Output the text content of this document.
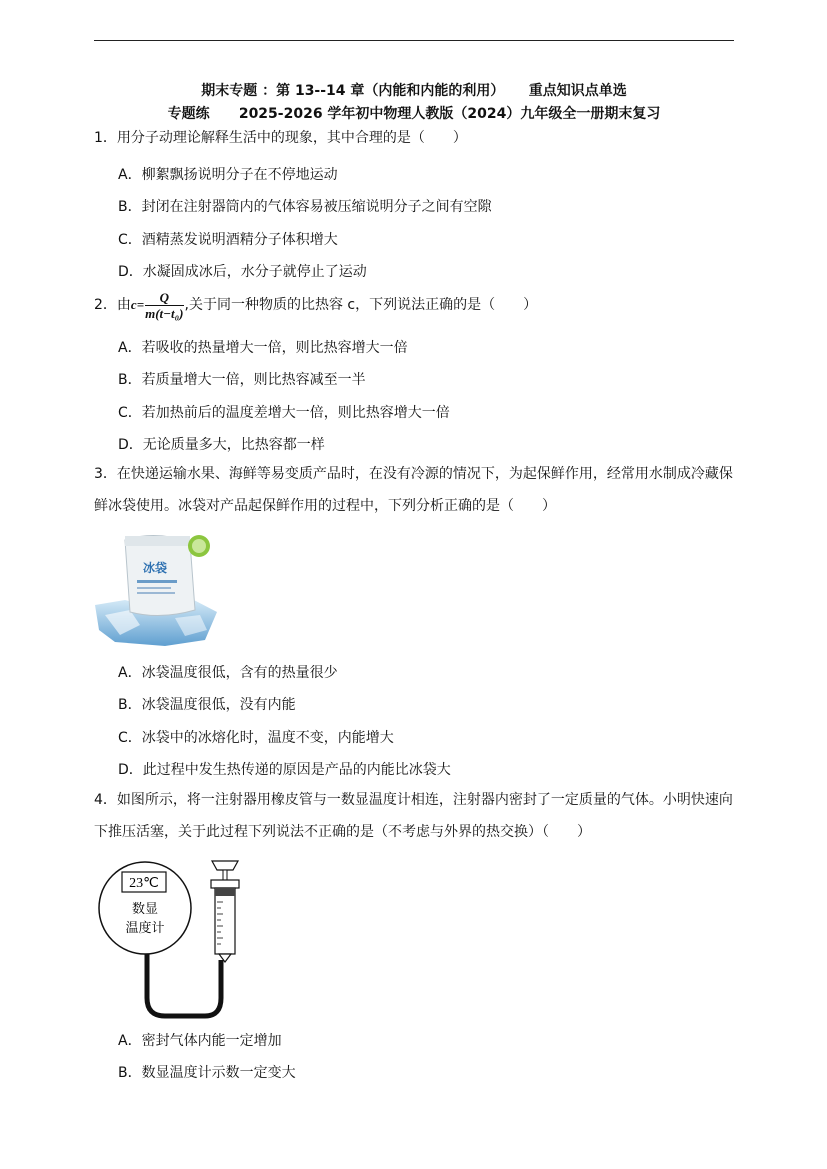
期末专题 ：第 13--14 章（内能和内能的利用）     重点知识点单选
专题练      2025-2026 学年初中物理人教版（2024）九年级全一册期末复习
1．用分子动理论解释生活中的现象，其中合理的是（　　）
A．柳絮飘扬说明分子在不停地运动
B．封闭在注射器筒内的气体容易被压缩说明分子之间有空隙
C．酒精蒸发说明酒精分子体积增大
D．水凝固成冰后，水分子就停止了运动
2．由$c= \frac{Q}{\text{m(t−t₀)}}$ ,关于同一种物质的比热容 c，下列说法正确的是（　　）
A．若吸收的热量增大一倍，则比热容增大一倍
B．若质量增大一倍，则比热容减至一半
C．若加热前后的温度差增大一倍，则比热容增大一倍
D．无论质量多大，比热容都一样
3．在快递运输水果、海鲜等易变质产品时，在没有冷源的情况下，为起保鲜作用，经常用水制成冷藏保鲜冰袋使用。冰袋对产品起保鲜作用的过程中，下列分析正确的是（　　）
冰袋
A．冰袋温度很低，含有的热量很少
B．冰袋温度很低，没有内能
C．冰袋中的冰熔化时，温度不变，内能增大
D．此过程中发生热传递的原因是产品的内能比冰袋大
4．如图所示，将一注射器用橡皮管与一数显温度计相连，注射器内密封了一定质量的气体。小明快速向下推压活塞，关于此过程下列说法不正确的是（不考虑与外界的热交换）（　　）
23℃
数显
温度计
A．密封气体内能一定增加
B．数显温度计示数一定变大
